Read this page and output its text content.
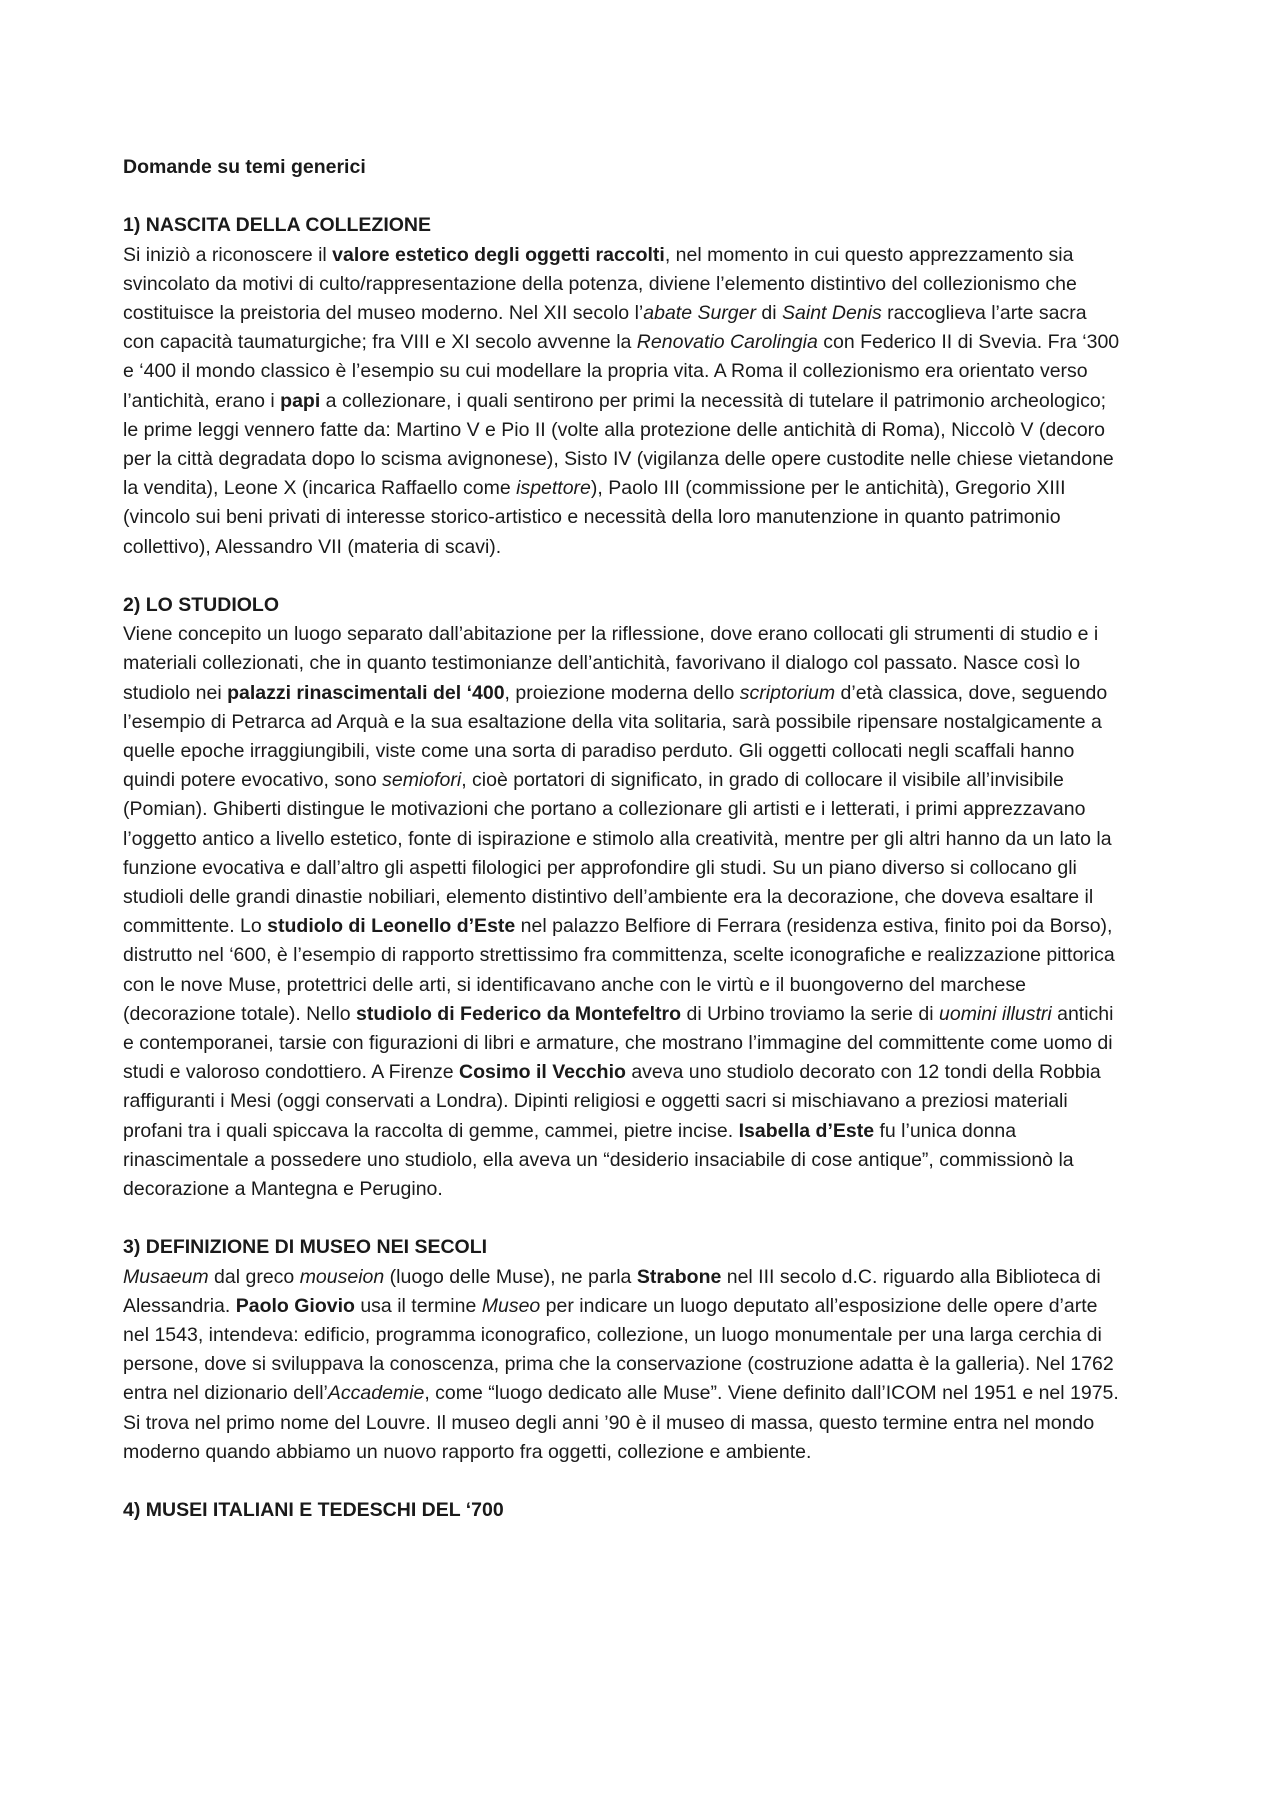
Domande su temi generici

1) NASCITA DELLA COLLEZIONE

Si iniziò a riconoscere il valore estetico degli oggetti raccolti, nel momento in cui questo apprezzamento sia svincolato da motivi di culto/rappresentazione della potenza, diviene l’elemento distintivo del collezionismo che costituisce la preistoria del museo moderno. Nel XII secolo l’abate Surger di Saint Denis raccoglieva l’arte sacra con capacità taumaturgiche; fra VIII e XI secolo avvenne la Renovatio Carolingia con Federico II di Svevia. Fra ‘300 e ‘400 il mondo classico è l’esempio su cui modellare la propria vita. A Roma il collezionismo era orientato verso l’antichità, erano i papi a collezionare, i quali sentirono per primi la necessità di tutelare il patrimonio archeologico; le prime leggi vennero fatte da: Martino V e Pio II (volte alla protezione delle antichità di Roma), Niccolò V (decoro per la città degradata dopo lo scisma avignonese), Sisto IV (vigilanza delle opere custodite nelle chiese vietandone la vendita), Leone X (incarica Raffaello come ispettore), Paolo III (commissione per le antichità), Gregorio XIII (vincolo sui beni privati di interesse storico-artistico e necessità della loro manutenzione in quanto patrimonio collettivo), Alessandro VII (materia di scavi).

2) LO STUDIOLO

Viene concepito un luogo separato dall’abitazione per la riflessione, dove erano collocati gli strumenti di studio e i materiali collezionati, che in quanto testimonianze dell’antichità, favorivano il dialogo col passato. Nasce così lo studiolo nei palazzi rinascimentali del ‘400, proiezione moderna dello scriptorium d’età classica, dove, seguendo l’esempio di Petrarca ad Arquà e la sua esaltazione della vita solitaria, sarà possibile ripensare nostalgicamente a quelle epoche irraggiungibili, viste come una sorta di paradiso perduto. Gli oggetti collocati negli scaffali hanno quindi potere evocativo, sono semiofori, cioè portatori di significato, in grado di collocare il visibile all’invisibile (Pomian). Ghiberti distingue le motivazioni che portano a collezionare gli artisti e i letterati, i primi apprezzavano l’oggetto antico a livello estetico, fonte di ispirazione e stimolo alla creatività, mentre per gli altri hanno da un lato la funzione evocativa e dall’altro gli aspetti filologici per approfondire gli studi. Su un piano diverso si collocano gli studioli delle grandi dinastie nobiliari, elemento distintivo dell’ambiente era la decorazione, che doveva esaltare il committente. Lo studiolo di Leonello d’Este nel palazzo Belfiore di Ferrara (residenza estiva, finito poi da Borso), distrutto nel ‘600, è l’esempio di rapporto strettissimo fra committenza, scelte iconografiche e realizzazione pittorica con le nove Muse, protettrici delle arti, si identificavano anche con le virtù e il buongoverno del marchese (decorazione totale). Nello studiolo di Federico da Montefeltro di Urbino troviamo la serie di uomini illustri antichi e contemporanei, tarsie con figurazioni di libri e armature, che mostrano l’immagine del committente come uomo di studi e valoroso condottiero. A Firenze Cosimo il Vecchio aveva uno studiolo decorato con 12 tondi della Robbia raffiguranti i Mesi (oggi conservati a Londra). Dipinti religiosi e oggetti sacri si mischiavano a preziosi materiali profani tra i quali spiccava la raccolta di gemme, cammei, pietre incise. Isabella d’Este fu l’unica donna rinascimentale a possedere uno studiolo, ella aveva un “desiderio insaciabile di cose antique”, commissionò la decorazione a Mantegna e Perugino.

3) DEFINIZIONE DI MUSEO NEI SECOLI

Musaeum dal greco mouseion (luogo delle Muse), ne parla Strabone nel III secolo d.C. riguardo alla Biblioteca di Alessandria. Paolo Giovio usa il termine Museo per indicare un luogo deputato all’esposizione delle opere d’arte nel 1543, intendeva: edificio, programma iconografico, collezione, un luogo monumentale per una larga cerchia di persone, dove si sviluppava la conoscenza, prima che la conservazione (costruzione adatta è la galleria). Nel 1762 entra nel dizionario dell’Accademie, come “luogo dedicato alle Muse”. Viene definito dall’ICOM nel 1951 e nel 1975. Si trova nel primo nome del Louvre. Il museo degli anni ’90 è il museo di massa, questo termine entra nel mondo moderno quando abbiamo un nuovo rapporto fra oggetti, collezione e ambiente.

4) MUSEI ITALIANI E TEDESCHI DEL ‘700
